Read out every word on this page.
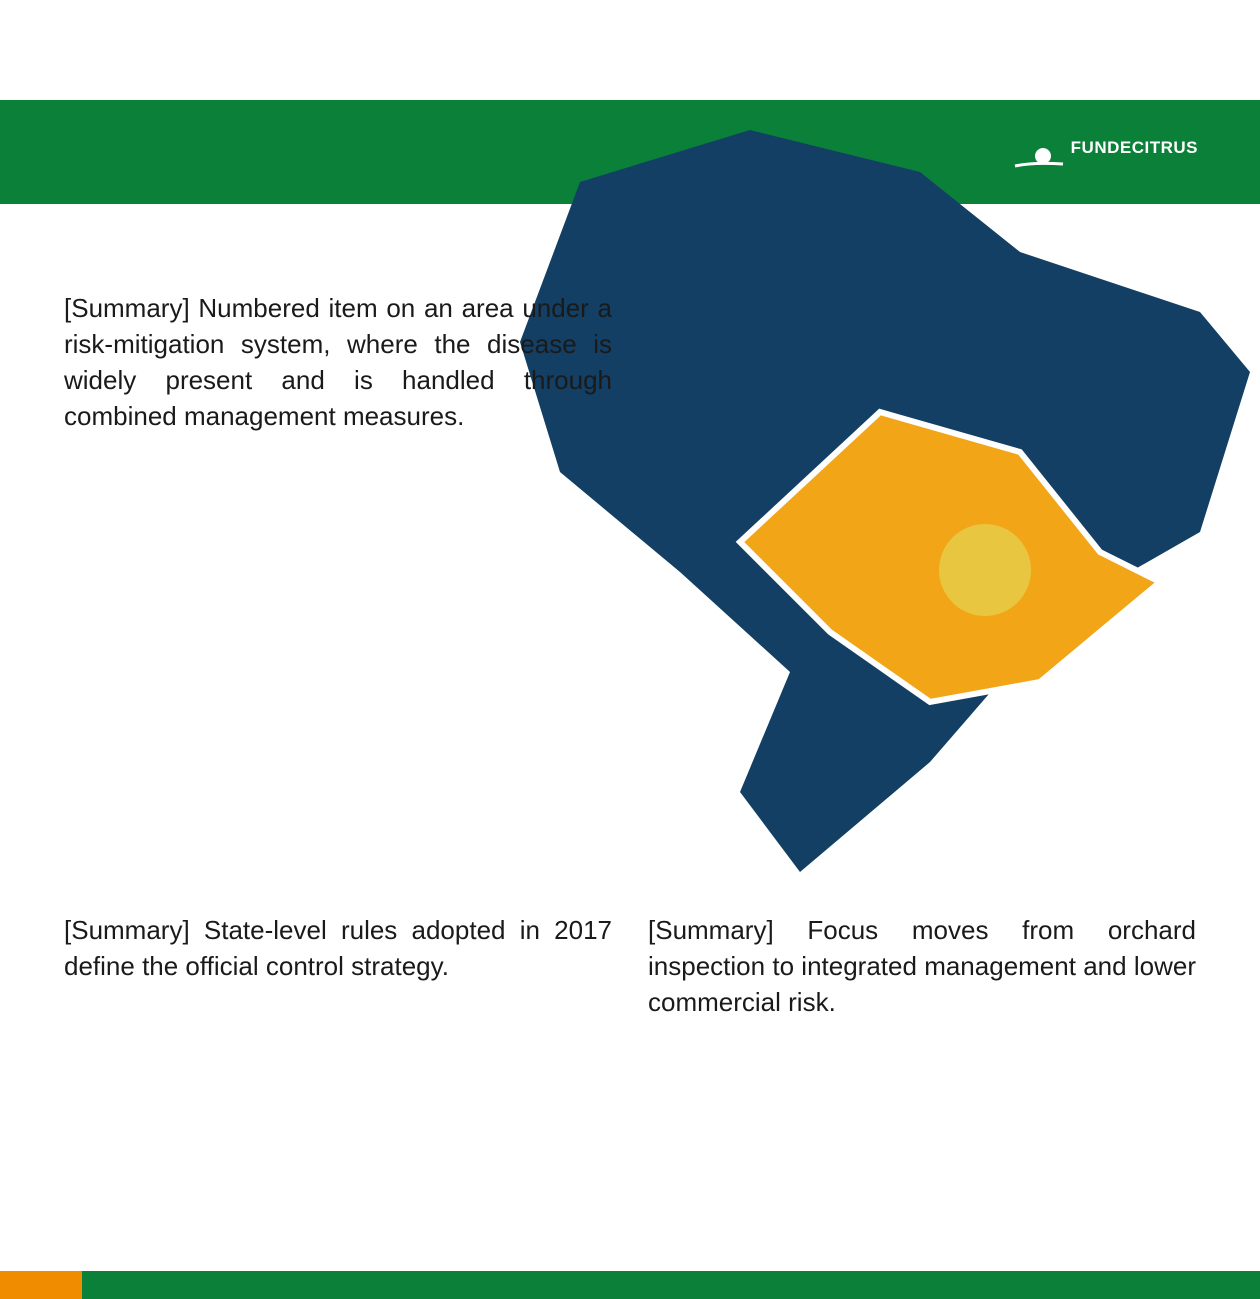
FUNDECITRUS
[Summary] Numbered item on an area under a risk-mitigation system, where the disease is widely present and is handled through combined management measures.
[Summary] State-level rules adopted in 2017 define the official control strategy.
[Summary] Focus moves from orchard inspection to integrated management and lower commercial risk.
